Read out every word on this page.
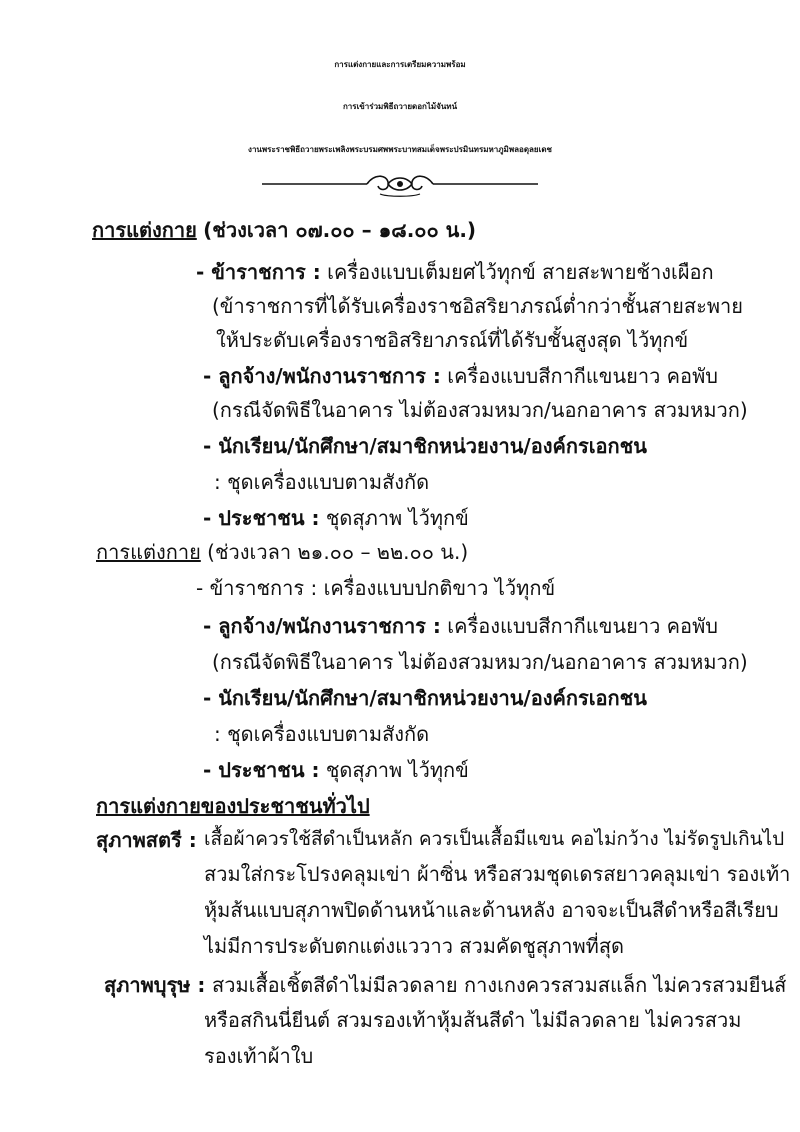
การแต่งกายและการเตรียมความพร้อม
การเข้าร่วมพิธีถวายดอกไม้จันทน์
งานพระราชพิธีถวายพระเพลิงพระบรมศพพระบาทสมเด็จพระปรมินทรมหาภูมิพลอดุลยเดช
การแต่งกาย (ช่วงเวลา ๐๗.๐๐ – ๑๘.๐๐ น.)
- ข้าราชการ : เครื่องแบบเต็มยศไว้ทุกข์ สายสะพายช้างเผือก
(ข้าราชการที่ได้รับเครื่องราชอิสริยาภรณ์ต่ำกว่าชั้นสายสะพาย
ให้ประดับเครื่องราชอิสริยาภรณ์ที่ได้รับชั้นสูงสุด ไว้ทุกข์
- ลูกจ้าง/พนักงานราชการ : เครื่องแบบสีกากีแขนยาว คอพับ
(กรณีจัดพิธีในอาคาร ไม่ต้องสวมหมวก/นอกอาคาร สวมหมวก)
- นักเรียน/นักศึกษา/สมาชิกหน่วยงาน/องค์กรเอกชน
: ชุดเครื่องแบบตามสังกัด
- ประชาชน : ชุดสุภาพ ไว้ทุกข์
การแต่งกาย (ช่วงเวลา ๒๑.๐๐ – ๒๒.๐๐ น.)
- ข้าราชการ : เครื่องแบบปกติขาว ไว้ทุกข์
- ลูกจ้าง/พนักงานราชการ : เครื่องแบบสีกากีแขนยาว คอพับ
(กรณีจัดพิธีในอาคาร ไม่ต้องสวมหมวก/นอกอาคาร สวมหมวก)
- นักเรียน/นักศึกษา/สมาชิกหน่วยงาน/องค์กรเอกชน
: ชุดเครื่องแบบตามสังกัด
- ประชาชน : ชุดสุภาพ ไว้ทุกข์
การแต่งกายของประชาชนทั่วไป
สุภาพสตรี : เสื้อผ้าควรใช้สีดำเป็นหลัก ควรเป็นเสื้อมีแขน คอไม่กว้าง ไม่รัดรูปเกินไป
สวมใส่กระโปรงคลุมเข่า ผ้าซิ่น หรือสวมชุดเดรสยาวคลุมเข่า รองเท้า
หุ้มส้นแบบสุภาพปิดด้านหน้าและด้านหลัง อาจจะเป็นสีดำหรือสีเรียบ
ไม่มีการประดับตกแต่งแววาว สวมคัดชูสุภาพที่สุด
สุภาพบุรุษ : สวมเสื้อเชิ้ตสีดำไม่มีลวดลาย กางเกงควรสวมสแล็ก ไม่ควรสวมยีนส์
หรือสกินนี่ยีนต์ สวมรองเท้าหุ้มส้นสีดำ ไม่มีลวดลาย ไม่ควรสวม
รองเท้าผ้าใบ
